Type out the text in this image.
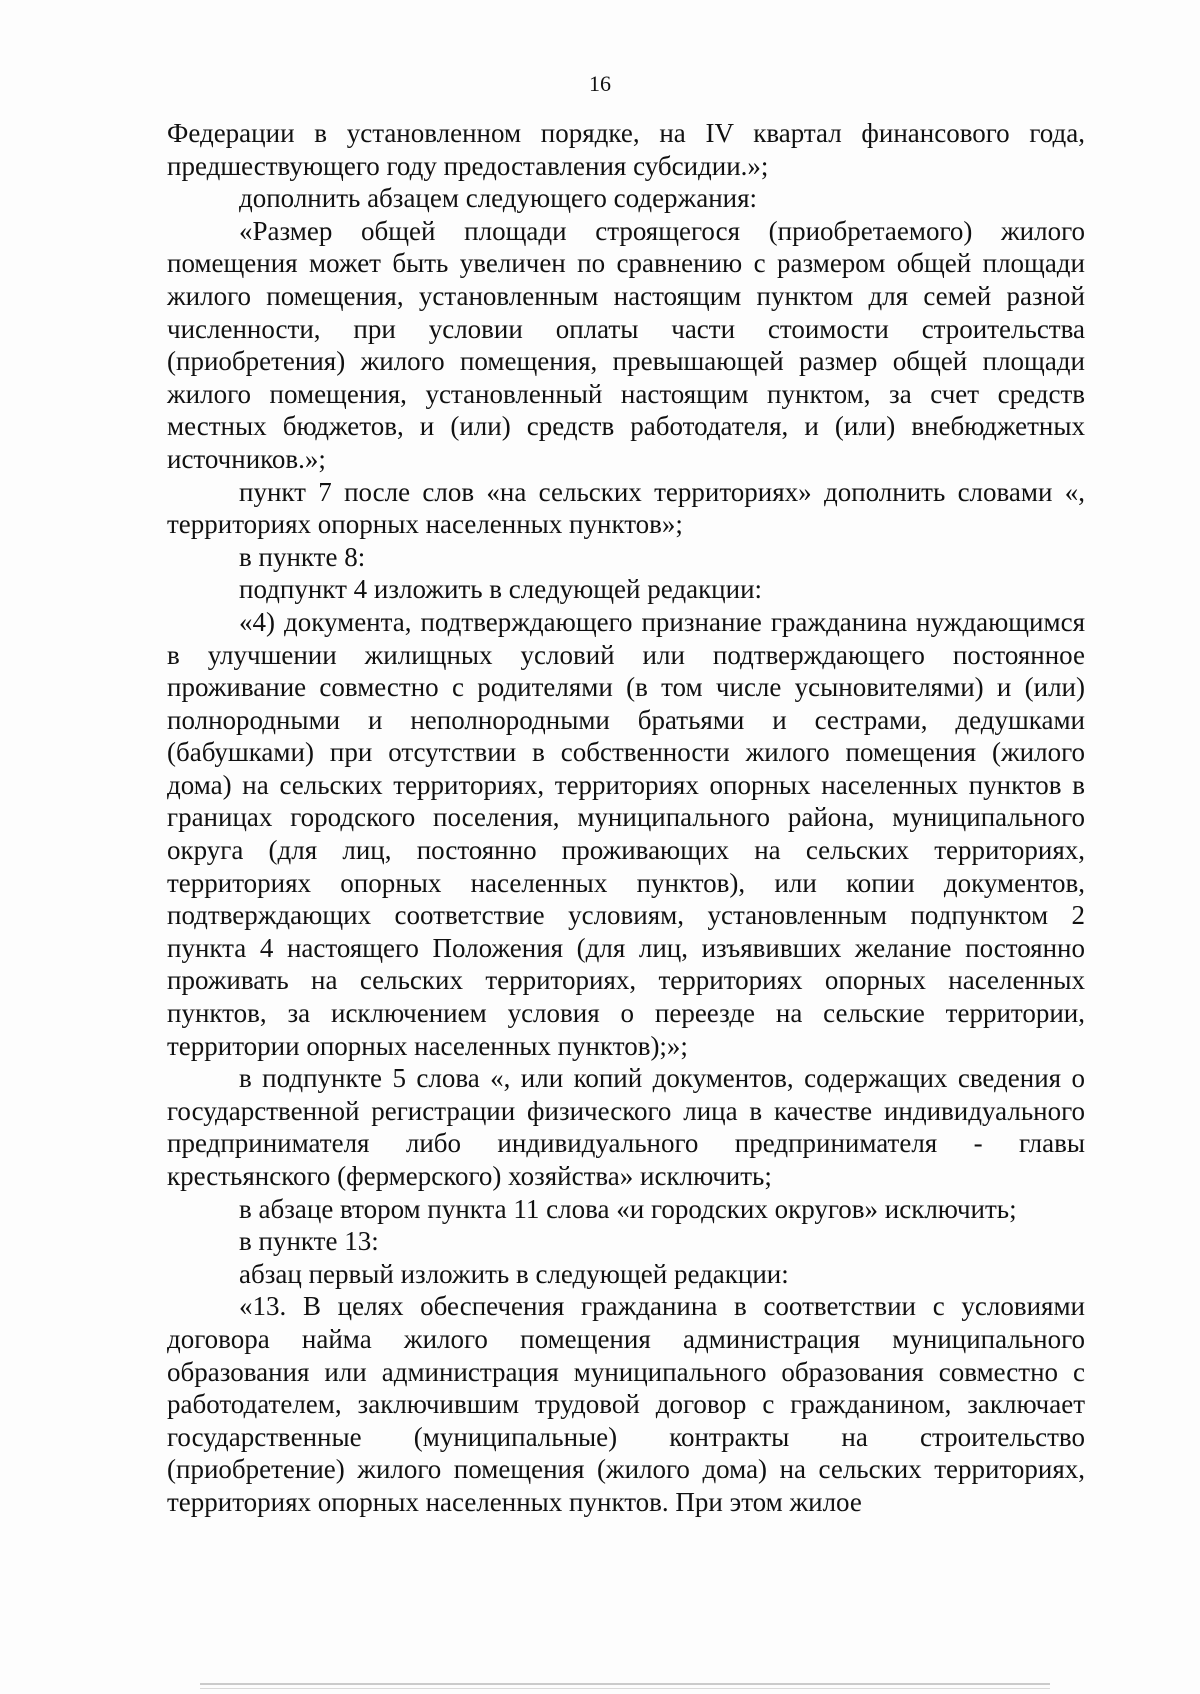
16

Федерации в установленном порядке, на IV квартал финансового года, предшествующего году предоставления субсидии.»;

дополнить абзацем следующего содержания:

«Размер общей площади строящегося (приобретаемого) жилого помещения может быть увеличен по сравнению с размером общей площади жилого помещения, установленным настоящим пунктом для семей разной численности, при условии оплаты части стоимости строительства (приобретения) жилого помещения, превышающей размер общей площади жилого помещения, установленный настоящим пунктом, за счет средств местных бюджетов, и (или) средств работодателя, и (или) внебюджетных источников.»;

пункт 7 после слов «на сельских территориях» дополнить словами «, территориях опорных населенных пунктов»;

в пункте 8:

подпункт 4 изложить в следующей редакции:

«4) документа, подтверждающего признание гражданина нуждающимся в улучшении жилищных условий или подтверждающего постоянное проживание совместно с родителями (в том числе усыновителями) и (или) полнородными и неполнородными братьями и сестрами, дедушками (бабушками) при отсутствии в собственности жилого помещения (жилого дома) на сельских территориях, территориях опорных населенных пунктов в границах городского поселения, муниципального района, муниципального округа (для лиц, постоянно проживающих на сельских территориях, территориях опорных населенных пунктов), или копии документов, подтверждающих соответствие условиям, установленным подпунктом 2 пункта 4 настоящего Положения (для лиц, изъявивших желание постоянно проживать на сельских территориях, территориях опорных населенных пунктов, за исключением условия о переезде на сельские территории, территории опорных населенных пунктов);»;

в подпункте 5 слова «, или копий документов, содержащих сведения о государственной регистрации физического лица в качестве индивидуального предпринимателя либо индивидуального предпринимателя - главы крестьянского (фермерского) хозяйства» исключить;

в абзаце втором пункта 11 слова «и городских округов» исключить;

в пункте 13:

абзац первый изложить в следующей редакции:

«13. В целях обеспечения гражданина в соответствии с условиями договора найма жилого помещения администрация муниципального образования или администрация муниципального образования совместно с работодателем, заключившим трудовой договор с гражданином, заключает государственные (муниципальные) контракты на строительство (приобретение) жилого помещения (жилого дома) на сельских территориях, территориях опорных населенных пунктов. При этом жилое
